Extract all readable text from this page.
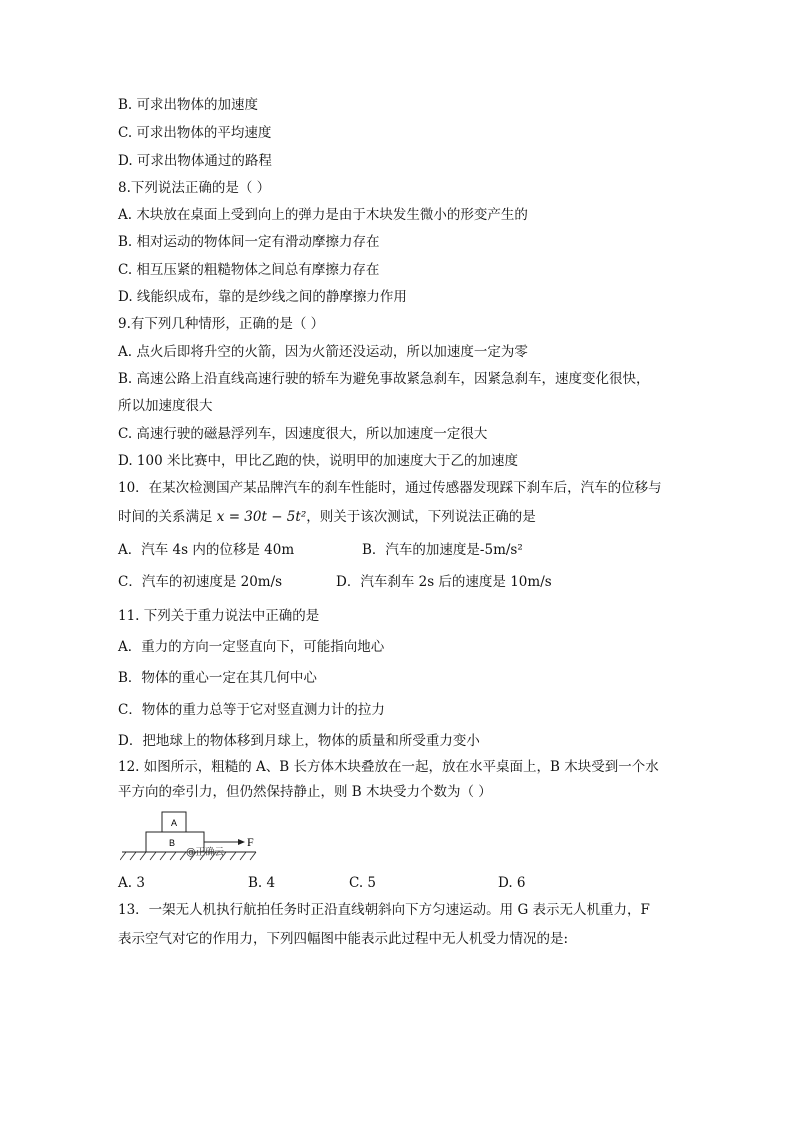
B. 可求出物体的加速度
C. 可求出物体的平均速度
D. 可求出物体通过的路程
8.下列说法正确的是（ ）
A. 木块放在桌面上受到向上的弹力是由于木块发生微小的形变产生的
B. 相对运动的物体间一定有滑动摩擦力存在
C. 相互压紧的粗糙物体之间总有摩擦力存在
D. 线能织成布，靠的是纱线之间的静摩擦力作用
9.有下列几种情形，正确的是（ ）
A. 点火后即将升空的火箭，因为火箭还没运动，所以加速度一定为零
B. 高速公路上沿直线高速行驶的轿车为避免事故紧急刹车，因紧急刹车，速度变化很快，
所以加速度很大
C. 高速行驶的磁悬浮列车，因速度很大，所以加速度一定很大
D. 100 米比赛中，甲比乙跑的快，说明甲的加速度大于乙的加速度
10．在某次检测国产某品牌汽车的刹车性能时，通过传感器发现踩下刹车后，汽车的位移与
11. 下列关于重力说法中正确的是
A．重力的方向一定竖直向下，可能指向地心
B．物体的重心一定在其几何中心
C．物体的重力总等于它对竖直测力计的拉力
D．把地球上的物体移到月球上，物体的质量和所受重力变小
12. 如图所示，粗糙的 A、B 长方体木块叠放在一起，放在水平桌面上，B 木块受到一个水
平方向的牵引力，但仍然保持静止，则 B 木块受力个数为（ ）
13．一架无人机执行航拍任务时正沿直线朝斜向下方匀速运动。用 G 表示无人机重力，F
表示空气对它的作用力，下列四幅图中能表示此过程中无人机受力情况的是:
时间的关系满足 x = 30t − 5t²，则关于该次测试，下列说法正确的是
A．汽车 4s 内的位移是 40m	B．汽车的加速度是-5m/s²
C．汽车的初速度是 20m/s	D．汽车刹车 2s 后的速度是 10m/s
A
B	F
@正确云
A. 3	B. 4	C. 5	D. 6
